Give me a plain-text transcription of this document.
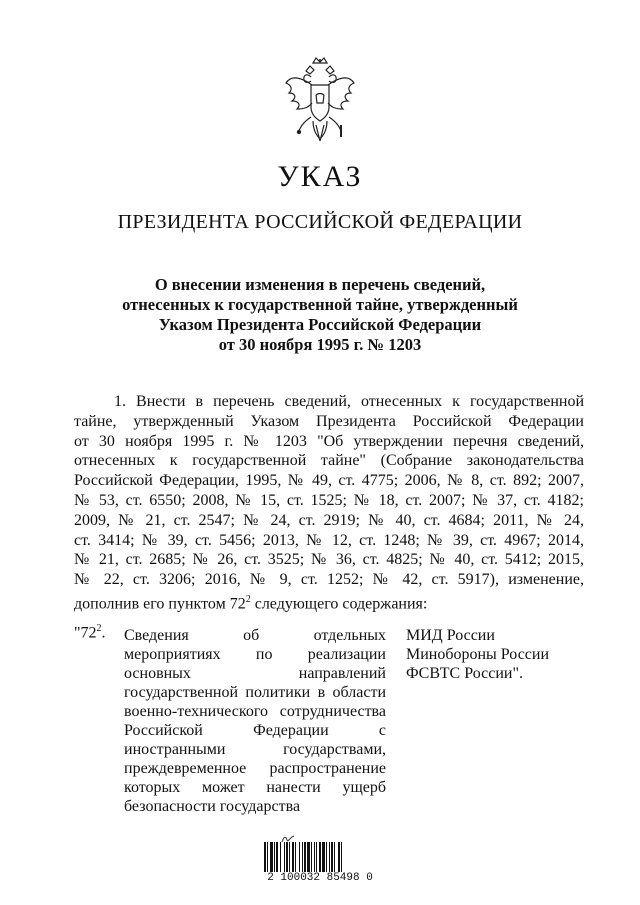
УКАЗ
ПРЕЗИДЕНТА РОССИЙСКОЙ ФЕДЕРАЦИИ
О внесении изменения в перечень сведений,
отнесенных к государственной тайне, утвержденный
Указом Президента Российской Федерации
от 30 ноября 1995 г. № 1203
1. Внести в перечень сведений, отнесенных к государственной
тайне, утвержденный Указом Президента Российской Федерации
от 30 ноября 1995 г. № 1203 "Об утверждении перечня сведений,
отнесенных к государственной тайне" (Собрание законодательства
Российской Федерации, 1995, № 49, ст. 4775; 2006, № 8, ст. 892; 2007,
№ 53, ст. 6550; 2008, № 15, ст. 1525; № 18, ст. 2007; № 37, ст. 4182;
2009, № 21, ст. 2547; № 24, ст. 2919; № 40, ст. 4684; 2011, № 24,
ст. 3414; № 39, ст. 5456; 2013, № 12, ст. 1248; № 39, ст. 4967; 2014,
№ 21, ст. 2685; № 26, ст. 3525; № 36, ст. 4825; № 40, ст. 5412; 2015,
№ 22, ст. 3206; 2016, № 9, ст. 1252; № 42, ст. 5917), изменение,
дополнив его пунктом $72^2$ следующего содержания:
"$72^2$. Сведения об отдельных
мероприятиях по реализации
основных направлений
государственной политики в области
военно-технического сотрудничества
Российской Федерации с
иностранными государствами,
преждевременное распространение
которых может нанести ущерб
безопасности государства
МИД России
Минобороны России
ФСВТС России".
2 100032 85498 0
